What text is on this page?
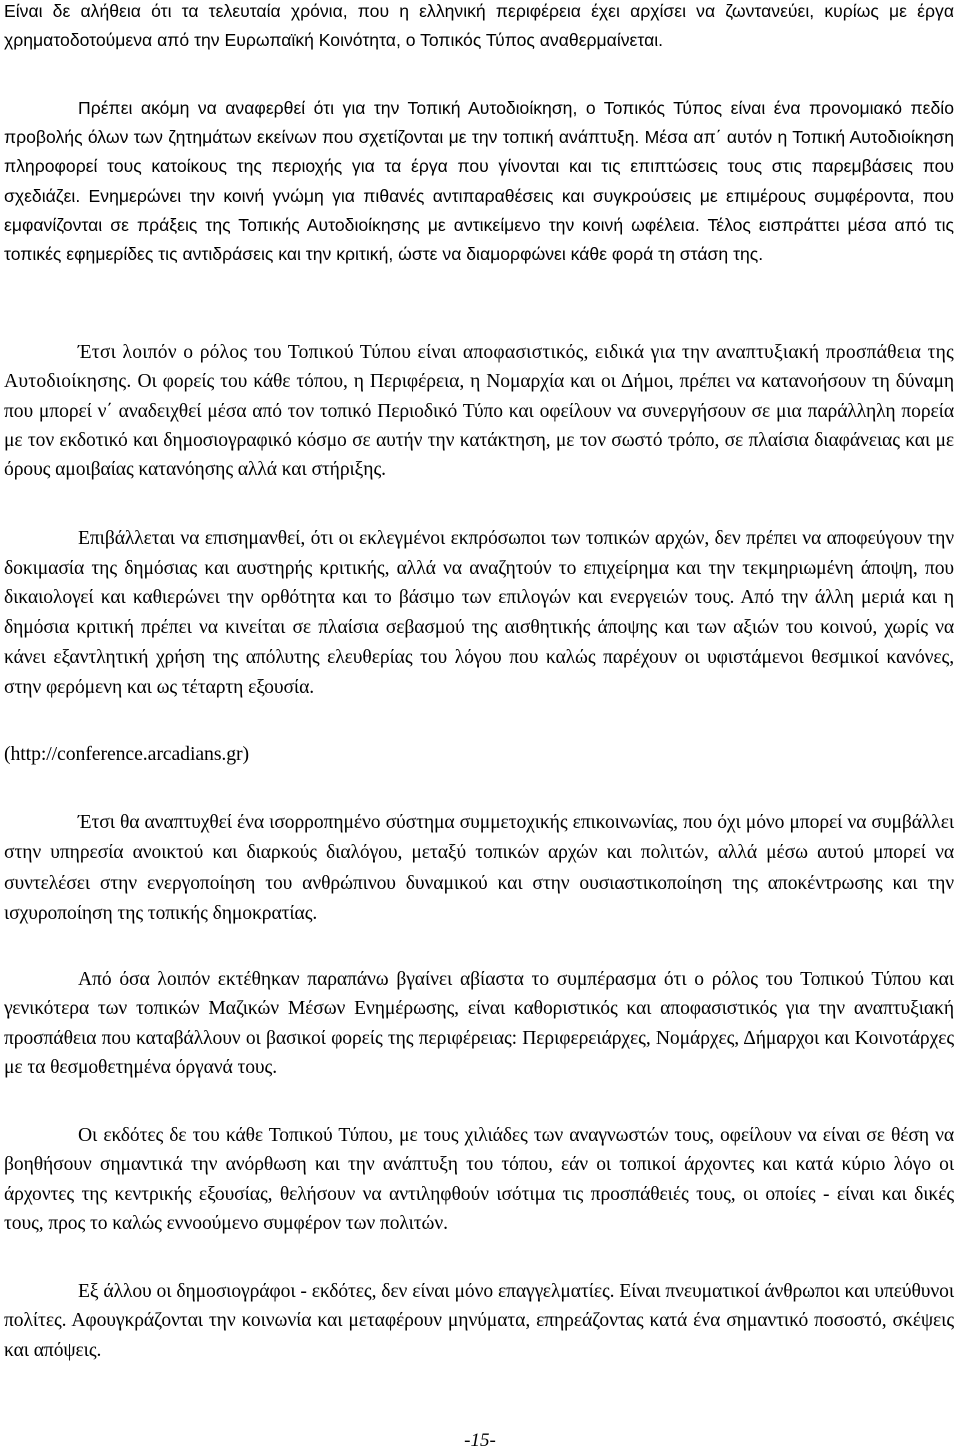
Είναι δε αλήθεια ότι τα τελευταία χρόνια, που η ελληνική περιφέρεια έχει αρχίσει να ζωντανεύει, κυρίως με έργα χρηματοδοτούμενα από την Ευρωπαϊκή Κοινότητα, ο Τοπικός Τύπος αναθερμαίνεται.

Πρέπει ακόμη να αναφερθεί ότι για την Τοπική Αυτοδιοίκηση, ο Τοπικός Τύπος είναι ένα προνομιακό πεδίο προβολής όλων των ζητημάτων εκείνων που σχετίζονται με την τοπική ανάπτυξη. Μέσα απ΄ αυτόν η Τοπική Αυτοδιοίκηση πληροφορεί τους κατοίκους της περιοχής για τα έργα που γίνονται και τις επιπτώσεις τους στις παρεμβάσεις που σχεδιάζει. Ενημερώνει την κοινή γνώμη για πιθανές αντιπαραθέσεις και συγκρούσεις με επιμέρους συμφέροντα, που εμφανίζονται σε πράξεις της Τοπικής Αυτοδιοίκησης με αντικείμενο την κοινή ωφέλεια. Τέλος εισπράττει μέσα από τις τοπικές εφημερίδες τις αντιδράσεις και την κριτική, ώστε να διαμορφώνει κάθε φορά τη στάση της.

Έτσι λοιπόν ο ρόλος του Τοπικού Τύπου είναι αποφασιστικός, ειδικά για την αναπτυξιακή προσπάθεια της Αυτοδιοίκησης. Οι φορείς του κάθε τόπου, η Περιφέρεια, η Νομαρχία και οι Δήμοι, πρέπει να κατανοήσουν τη δύναμη που μπορεί ν΄ αναδειχθεί μέσα από τον τοπικό Περιοδικό Τύπο και οφείλουν να συνεργήσουν σε μια παράλληλη πορεία με τον εκδοτικό και δημοσιογραφικό κόσμο σε αυτήν την κατάκτηση, με τον σωστό τρόπο, σε πλαίσια διαφάνειας και με όρους αμοιβαίας κατανόησης αλλά και στήριξης.

Επιβάλλεται να επισημανθεί, ότι οι εκλεγμένοι εκπρόσωποι των τοπικών αρχών, δεν πρέπει να αποφεύγουν την δοκιμασία της δημόσιας και αυστηρής κριτικής, αλλά να αναζητούν το επιχείρημα και την τεκμηριωμένη άποψη, που δικαιολογεί και καθιερώνει την ορθότητα και το βάσιμο των επιλογών και ενεργειών τους. Από την άλλη μεριά και η δημόσια κριτική πρέπει να κινείται σε πλαίσια σεβασμού της αισθητικής άποψης και των αξιών του κοινού, χωρίς να κάνει εξαντλητική χρήση της απόλυτης ελευθερίας του λόγου που καλώς παρέχουν οι υφιστάμενοι θεσμικοί κανόνες, στην φερόμενη και ως τέταρτη εξουσία.

(http://conference.arcadians.gr)

Έτσι θα αναπτυχθεί ένα ισορροπημένο σύστημα συμμετοχικής επικοινωνίας, που όχι μόνο μπορεί να συμβάλλει στην υπηρεσία ανοικτού και διαρκούς διαλόγου, μεταξύ τοπικών αρχών και πολιτών, αλλά μέσω αυτού μπορεί να συντελέσει στην ενεργοποίηση του ανθρώπινου δυναμικού και στην ουσιαστικοποίηση της αποκέντρωσης και την ισχυροποίηση της τοπικής δημοκρατίας.

Από όσα λοιπόν εκτέθηκαν παραπάνω βγαίνει αβίαστα το συμπέρασμα ότι ο ρόλος του Τοπικού Τύπου και γενικότερα των τοπικών Μαζικών Μέσων Ενημέρωσης, είναι καθοριστικός και αποφασιστικός για την αναπτυξιακή προσπάθεια που καταβάλλουν οι βασικοί φορείς της περιφέρειας: Περιφερειάρχες, Νομάρχες, Δήμαρχοι και Κοινοτάρχες με τα θεσμοθετημένα όργανά τους.

Οι εκδότες δε του κάθε Τοπικού Τύπου, με τους χιλιάδες των αναγνωστών τους, οφείλουν να είναι σε θέση να βοηθήσουν σημαντικά την ανόρθωση και την ανάπτυξη του τόπου, εάν οι τοπικοί άρχοντες και κατά κύριο λόγο οι άρχοντες της κεντρικής εξουσίας, θελήσουν να αντιληφθούν ισότιμα τις προσπάθειές τους, οι οποίες - είναι και δικές τους, προς το καλώς εννοούμενο συμφέρον των πολιτών.

Εξ άλλου οι δημοσιογράφοι - εκδότες, δεν είναι μόνο επαγγελματίες. Είναι πνευματικοί άνθρωποι και υπεύθυνοι πολίτες. Αφουγκράζονται την κοινωνία και μεταφέρουν μηνύματα, επηρεάζοντας κατά ένα σημαντικό ποσοστό, σκέψεις και απόψεις.

-15-
